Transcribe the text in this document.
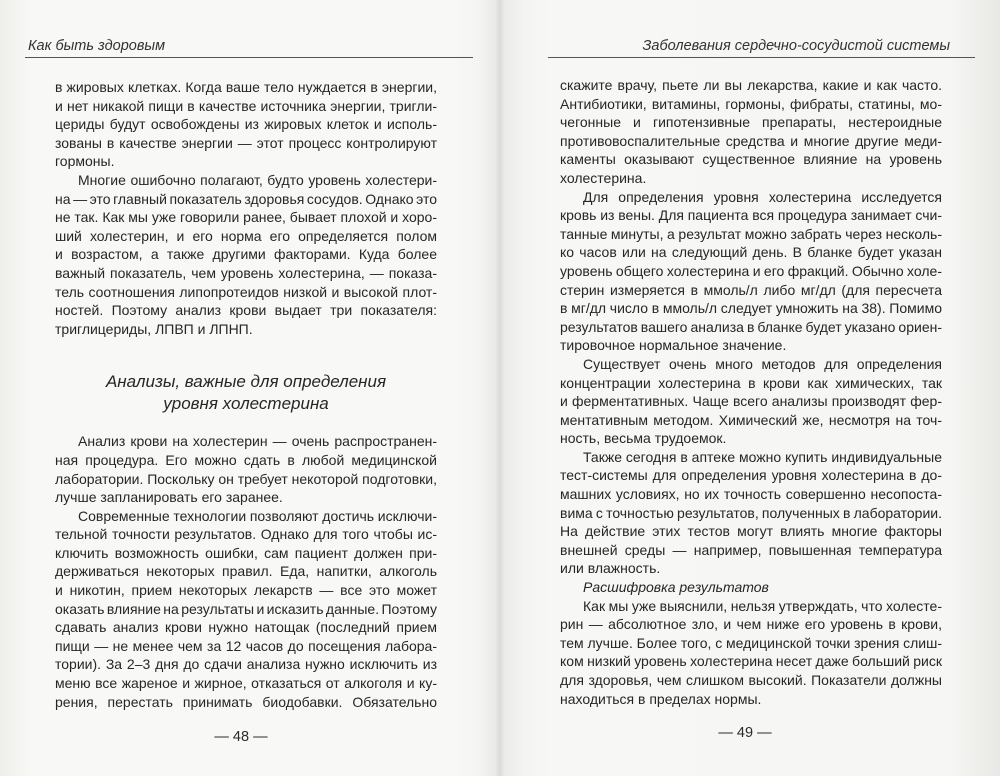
Как быть здоровым
в жировых клетках. Когда ваше тело нуждается в энергии,
и нет никакой пищи в качестве источника энергии, тригли-
цериды будут освобождены из жировых клеток и исполь-
зованы в качестве энергии — этот процесс контролируют
гормоны.
Многие ошибочно полагают, будто уровень холестери-
на — это главный показатель здоровья сосудов. Однако это
не так. Как мы уже говорили ранее, бывает плохой и хоро-
ший холестерин, и его норма его определяется полом
и возрастом, а также другими факторами. Куда более
важный показатель, чем уровень холестерина, — показа-
тель соотношения липопротеидов низкой и высокой плот-
ностей. Поэтому анализ крови выдает три показателя:
триглицериды, ЛПВП и ЛПНП.
Анализы, важные для определения
уровня холестерина
Анализ крови на холестерин — очень распространен-
ная процедура. Его можно сдать в любой медицинской
лаборатории. Поскольку он требует некоторой подготовки,
лучше запланировать его заранее.
Современные технологии позволяют достичь исключи-
тельной точности результатов. Однако для того чтобы ис-
ключить возможность ошибки, сам пациент должен при-
держиваться некоторых правил. Еда, напитки, алкоголь
и никотин, прием некоторых лекарств — все это может
оказать влияние на результаты и исказить данные. Поэтому
сдавать анализ крови нужно натощак (последний прием
пищи — не менее чем за 12 часов до посещения лабора-
тории). За 2–3 дня до сдачи анализа нужно исключить из
меню все жареное и жирное, отказаться от алкоголя и ку-
рения, перестать принимать биодобавки. Обязательно
— 48 —
Заболевания сердечно-сосудистой системы
скажите врачу, пьете ли вы лекарства, какие и как часто.
Антибиотики, витамины, гормоны, фибраты, статины, мо-
чегонные и гипотензивные препараты, нестероидные
противовоспалительные средства и многие другие меди-
каменты оказывают существенное влияние на уровень
холестерина.
Для определения уровня холестерина исследуется
кровь из вены. Для пациента вся процедура занимает счи-
танные минуты, а результат можно забрать через несколь-
ко часов или на следующий день. В бланке будет указан
уровень общего холестерина и его фракций. Обычно холе-
стерин измеряется в ммоль/л либо мг/дл (для пересчета
в мг/дл число в ммоль/л следует умножить на 38). Помимо
результатов вашего анализа в бланке будет указано ориен-
тировочное нормальное значение.
Существует очень много методов для определения
концентрации холестерина в крови как химических, так
и ферментативных. Чаще всего анализы производят фер-
ментативным методом. Химический же, несмотря на точ-
ность, весьма трудоемок.
Также сегодня в аптеке можно купить индивидуальные
тест-системы для определения уровня холестерина в до-
машних условиях, но их точность совершенно несопоста-
вима с точностью результатов, полученных в лаборатории.
На действие этих тестов могут влиять многие факторы
внешней среды — например, повышенная температура
или влажность.
Расшифровка результатов
Как мы уже выяснили, нельзя утверждать, что холесте-
рин — абсолютное зло, и чем ниже его уровень в крови,
тем лучше. Более того, с медицинской точки зрения слиш-
ком низкий уровень холестерина несет даже больший риск
для здоровья, чем слишком высокий. Показатели должны
находиться в пределах нормы.
— 49 —
